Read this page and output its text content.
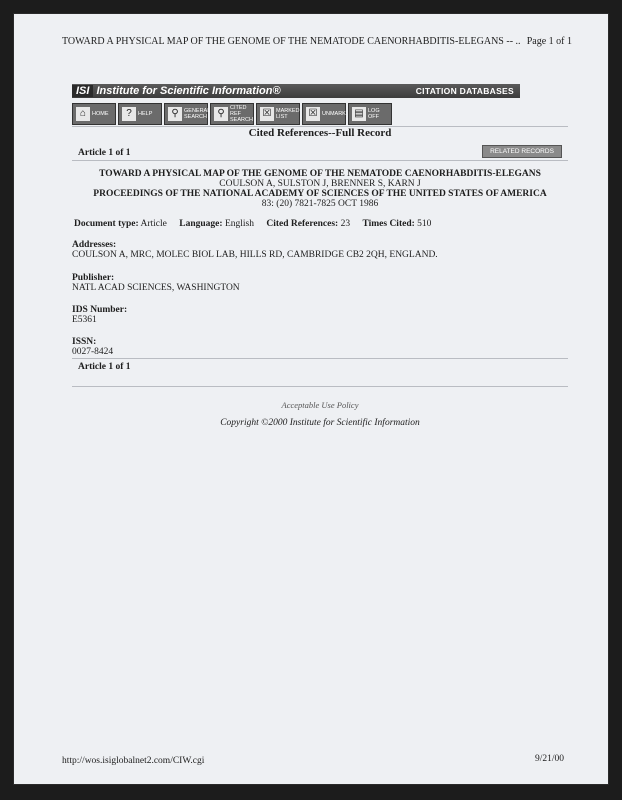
TOWARD A PHYSICAL MAP OF THE GENOME OF THE NEMATODE CAENORHABDITIS-ELEGANS -- .. Page 1 of 1
ISI Institute for Scientific Information®	CITATION DATABASES
⌂	HOME	?	HELP	⚲ GENERAL SEARCH	⚲ CITED REF SEARCH
☒ MARKED LIST	☒ UNMARK ▤ LOG OFF
Cited References--Full Record
Article 1 of 1	RELATED RECORDS
TOWARD A PHYSICAL MAP OF THE GENOME OF THE NEMATODE CAENORHABDITIS-ELEGANS
COULSON A, SULSTON J, BRENNER S, KARN J
PROCEEDINGS OF THE NATIONAL ACADEMY OF SCIENCES OF THE UNITED STATES OF AMERICA
83: (20) 7821-7825 OCT 1986
Document type: Article Language: English Cited References: 23 Times Cited: 510
Addresses:
COULSON A, MRC, MOLEC BIOL LAB, HILLS RD, CAMBRIDGE CB2 2QH, ENGLAND.
Publisher:
NATL ACAD SCIENCES, WASHINGTON
IDS Number:
E5361
ISSN:
0027-8424
Article 1 of 1
Acceptable Use Policy
Copyright ©2000 Institute for Scientific Information
http://wos.isiglobalnet2.com/CIW.cgi	9/21/00
